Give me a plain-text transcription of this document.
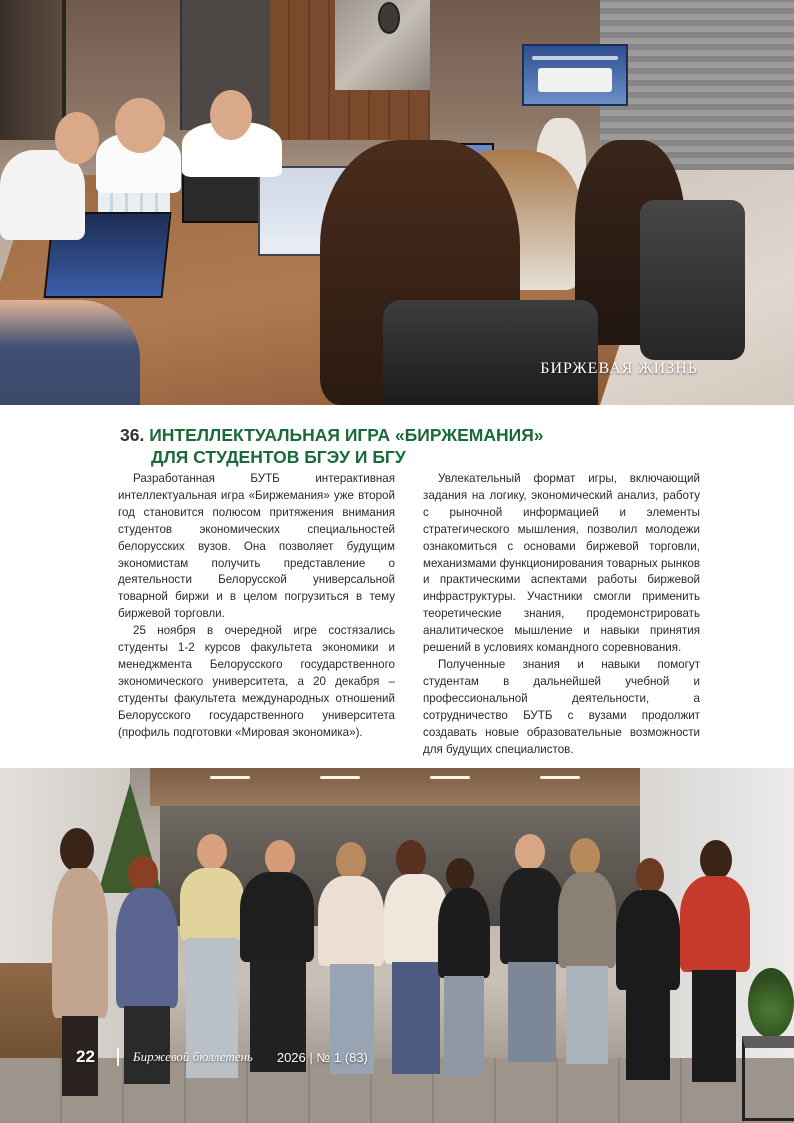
БИРЖЕВАЯ ЖИЗНЬ
36. ИНТЕЛЛЕКТУАЛЬНАЯ ИГРА «БИРЖЕМАНИЯ»
ДЛЯ СТУДЕНТОВ БГЭУ И БГУ

Разработанная БУТБ интерактивная интеллектуальная игра «Биржемания» уже второй год становится полюсом притяжения внимания студентов экономических специальностей белорусских вузов. Она позволяет будущим экономистам получить представление о деятельности Белорусской универсальной товарной биржи и в целом погрузиться в тему биржевой торговли.

25 ноября в очередной игре состязались студенты 1-2 курсов факультета экономики и менеджмента Белорусского государственного экономического университета, а 20 декабря – студенты факультета международных отношений Белорусского государственного университета (профиль подготовки «Мировая экономика»).

Увлекательный формат игры, включающий задания на логику, экономический анализ, работу с рыночной информацией и элементы стратегического мышления, позволил молодежи ознакомиться с основами биржевой торговли, механизмами функционирования товарных рынков и практическими аспектами работы биржевой инфраструктуры. Участники смогли применить теоретические знания, продемонстрировать аналитическое мышление и навыки принятия решений в условиях командного соревнования.

Полученные знания и навыки помогут студентам в дальнейшей учебной и профессиональной деятельности, а сотрудничество БУТБ с вузами продолжит создавать новые образовательные возможности для будущих специалистов.

22	Биржевой бюллетень 2026 | № 1 (83)
